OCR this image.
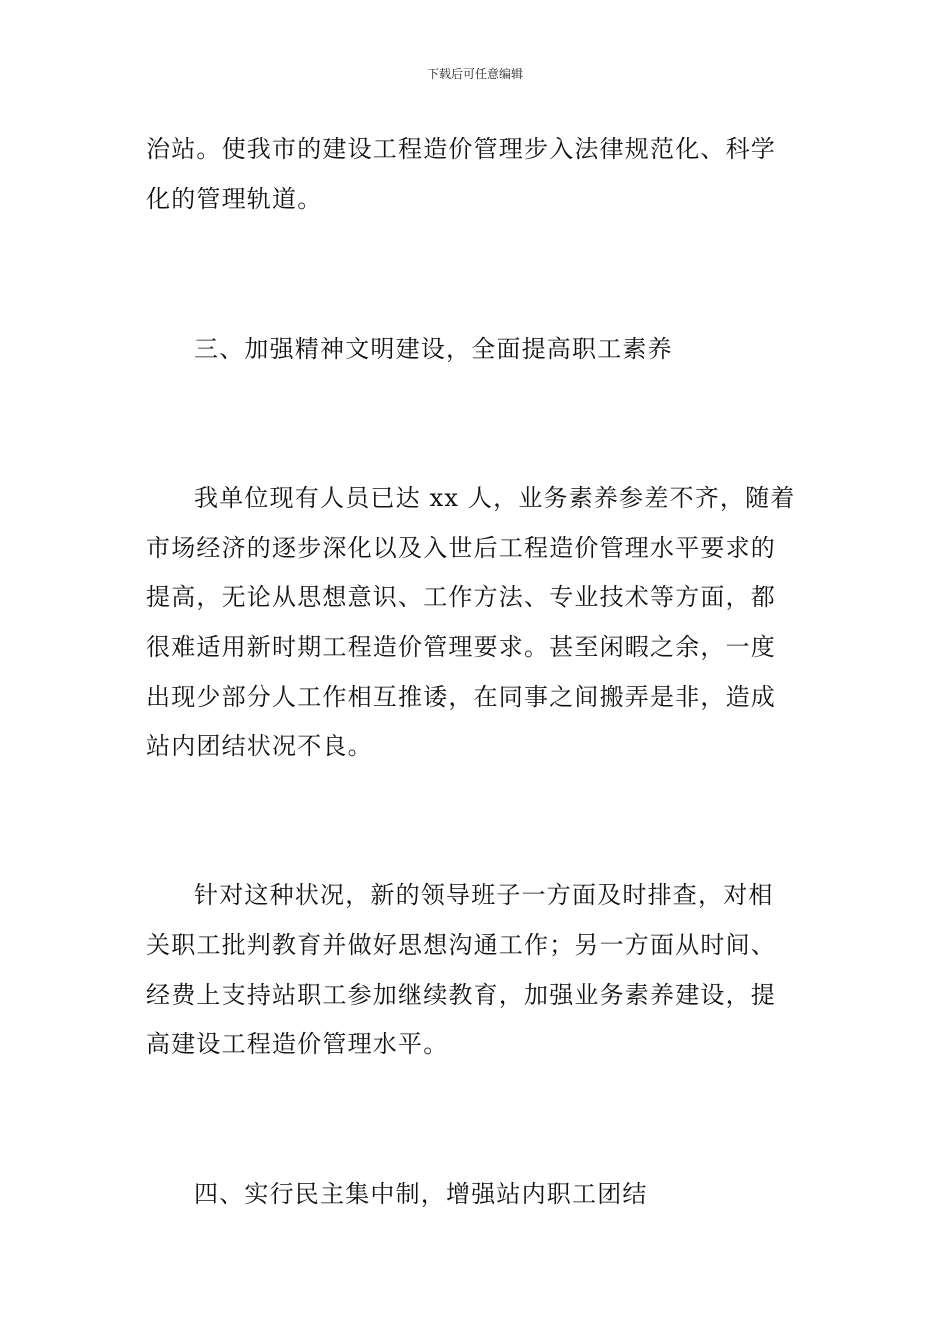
下载后可任意编辑
治站。使我市的建设工程造价管理步入法律规范化、科学
化的管理轨道。
三、加强精神文明建设，全面提高职工素养
我单位现有人员已达 xx 人，业务素养参差不齐，随着
市场经济的逐步深化以及入世后工程造价管理水平要求的
提高，无论从思想意识、工作方法、专业技术等方面，都
很难适用新时期工程造价管理要求。甚至闲暇之余，一度
出现少部分人工作相互推诿，在同事之间搬弄是非，造成
站内团结状况不良。
针对这种状况，新的领导班子一方面及时排查，对相
关职工批判教育并做好思想沟通工作；另一方面从时间、
经费上支持站职工参加继续教育，加强业务素养建设，提
高建设工程造价管理水平。
四、实行民主集中制，增强站内职工团结
